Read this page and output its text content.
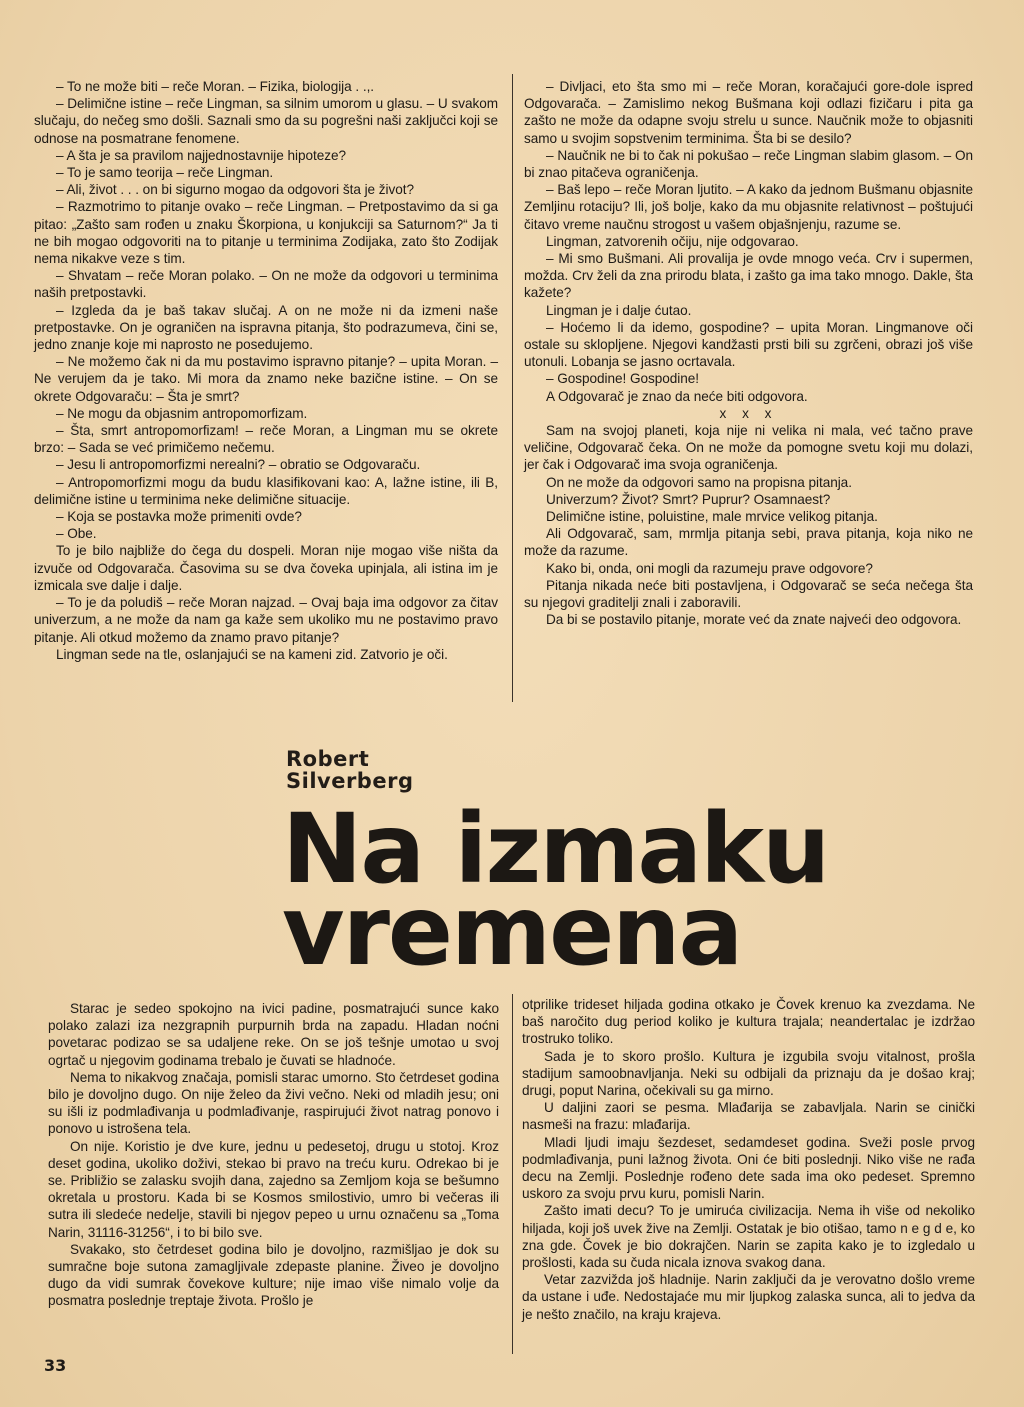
– To ne može biti – reče Moran. – Fizika, biologija . .,.

– Delimične istine – reče Lingman, sa silnim umorom u glasu. – U svakom slučaju, do nečeg smo došli. Saznali smo da su pogrešni naši zaključci koji se odnose na posmatrane fenomene.

– A šta je sa pravilom najjednostavnije hipoteze?

– To je samo teorija – reče Lingman.

– Ali, život . . . on bi sigurno mogao da odgovori šta je život?

– Razmotrimo to pitanje ovako – reče Lingman. – Pretpostavimo da si ga pitao: „Zašto sam rođen u znaku Škorpiona, u konjukciji sa Saturnom?“ Ja ti ne bih mogao odgovoriti na to pitanje u terminima Zodijaka, zato što Zodijak nema nikakve veze s tim.

– Shvatam – reče Moran polako. – On ne može da odgovori u terminima naših pretpostavki.

– Izgleda da je baš takav slučaj. A on ne može ni da izmeni naše pretpostavke. On je ograničen na ispravna pitanja, što podrazumeva, čini se, jedno znanje koje mi naprosto ne posedujemo.

– Ne možemo čak ni da mu postavimo ispravno pitanje? – upita Moran. – Ne verujem da je tako. Mi mora da znamo neke bazične istine. – On se okrete Odgovaraču: – Šta je smrt?

– Ne mogu da objasnim antropomorfizam.

– Šta, smrt antropomorfizam! – reče Moran, a Lingman mu se okrete brzo: – Sada se već primičemo nečemu.

– Jesu li antropomorfizmi nerealni? – obratio se Odgovaraču.

– Antropomorfizmi mogu da budu klasifikovani kao: A, lažne istine, ili B, delimične istine u terminima neke delimične situacije.

– Koja se postavka može primeniti ovde?

– Obe.

To je bilo najbliže do čega du dospeli. Moran nije mogao više ništa da izvuče od Odgovarača. Časovima su se dva čoveka upinjala, ali istina im je izmicala sve dalje i dalje.

– To je da poludiš – reče Moran najzad. – Ovaj baja ima odgovor za čitav univerzum, a ne može da nam ga kaže sem ukoliko mu ne postavimo pravo pitanje. Ali otkud možemo da znamo pravo pitanje?

Lingman sede na tle, oslanjajući se na kameni zid. Zatvorio je oči.

– Divljaci, eto šta smo mi – reče Moran, koračajući gore-dole ispred Odgovarača. – Zamislimo nekog Bušmana koji odlazi fizičaru i pita ga zašto ne može da odapne svoju strelu u sunce. Naučnik može to objasniti samo u svojim sopstvenim terminima. Šta bi se desilo?

– Naučnik ne bi to čak ni pokušao – reče Lingman slabim glasom. – On bi znao pitačeva ograničenja.

– Baš lepo – reče Moran ljutito. – A kako da jednom Bušmanu objasnite Zemljinu rotaciju? Ili, još bolje, kako da mu objasnite relativnost – poštujući čitavo vreme naučnu strogost u vašem objašnjenju, razume se.

Lingman, zatvorenih očiju, nije odgovarao.

– Mi smo Bušmani. Ali provalija je ovde mnogo veća. Crv i supermen, možda. Crv želi da zna prirodu blata, i zašto ga ima tako mnogo. Dakle, šta kažete?

Lingman je i dalje ćutao.

– Hoćemo li da idemo, gospodine? – upita Moran. Lingmanove oči ostale su sklopljene. Njegovi kandžasti prsti bili su zgrčeni, obrazi još više utonuli. Lobanja se jasno ocrtavala.

– Gospodine! Gospodine!

A Odgovarač je znao da neće biti odgovora.

x x x

Sam na svojoj planeti, koja nije ni velika ni mala, već tačno prave veličine, Odgovarač čeka. On ne može da pomogne svetu koji mu dolazi, jer čak i Odgovarač ima svoja ograničenja.

On ne može da odgovori samo na propisna pitanja.

Univerzum? Život? Smrt? Puprur? Osamnaest?

Delimične istine, poluistine, male mrvice velikog pitanja.

Ali Odgovarač, sam, mrmlja pitanja sebi, prava pitanja, koja niko ne može da razume.

Kako bi, onda, oni mogli da razumeju prave odgovore?

Pitanja nikada neće biti postavljena, i Odgovarač se seća nečega šta su njegovi graditelji znali i zaboravili.

Da bi se postavilo pitanje, morate već da znate najveći deo odgovora.

Robert
Silverberg
Na izmaku
vremena

Starac je sedeo spokojno na ivici padine, posmatrajući sunce kako polako zalazi iza nezgrapnih purpurnih brda na zapadu. Hladan noćni povetarac podizao se sa udaljene reke. On se još tešnje umotao u svoj ogrtač u njegovim godinama trebalo je čuvati se hladnoće.

Nema to nikakvog značaja, pomisli starac umorno. Sto četrdeset godina bilo je dovoljno dugo. On nije želeo da živi večno. Neki od mladih jesu; oni su išli iz podmlađivanja u podmlađivanje, raspirujući život natrag ponovo i ponovo u istrošena tela.

On nije. Koristio je dve kure, jednu u pedesetoj, drugu u stotoj. Kroz deset godina, ukoliko doživi, stekao bi pravo na treću kuru. Odrekao bi je se. Približio se zalasku svojih dana, zajedno sa Zemljom koja se bešumno okretala u prostoru. Kada bi se Kosmos smilostivio, umro bi večeras ili sutra ili sledeće nedelje, stavili bi njegov pepeo u urnu označenu sa „Toma Narin, 31116-31256“, i to bi bilo sve.

Svakako, sto četrdeset godina bilo je dovoljno, razmišljao je dok su sumračne boje sutona zamagljivale zdepaste planine. Živeo je dovoljno dugo da vidi sumrak čovekove kulture; nije imao više nimalo volje da posmatra poslednje treptaje života. Prošlo je

otprilike trideset hiljada godina otkako je Čovek krenuo ka zvezdama. Ne baš naročito dug period koliko je kultura trajala; neandertalac je izdržao trostruko toliko.

Sada je to skoro prošlo. Kultura je izgubila svoju vitalnost, prošla stadijum samoobnavljanja. Neki su odbijali da priznaju da je došao kraj; drugi, poput Narina, očekivali su ga mirno.

U daljini zaori se pesma. Mlađarija se zabavljala. Narin se cinički nasmeši na frazu: mlađarija.

Mladi ljudi imaju šezdeset, sedamdeset godina. Sveži posle prvog podmlađivanja, puni lažnog života. Oni će biti poslednji. Niko više ne rađa decu na Zemlji. Poslednje rođeno dete sada ima oko pedeset. Spremno uskoro za svoju prvu kuru, pomisli Narin.

Zašto imati decu? To je umiruća civilizacija. Nema ih više od nekoliko hiljada, koji još uvek žive na Zemlji. Ostatak je bio otišao, tamo n e g d e, ko zna gde. Čovek je bio dokrajčen. Narin se zapita kako je to izgledalo u prošlosti, kada su čuda nicala iznova svakog dana.

Vetar zazviždа još hladnije. Narin zaključi da je verovatno došlo vreme da ustane i uđe. Nedostajaće mu mir ljupkog zalaska sunca, ali to jedva da je nešto značilo, na kraju krajeva.

33
